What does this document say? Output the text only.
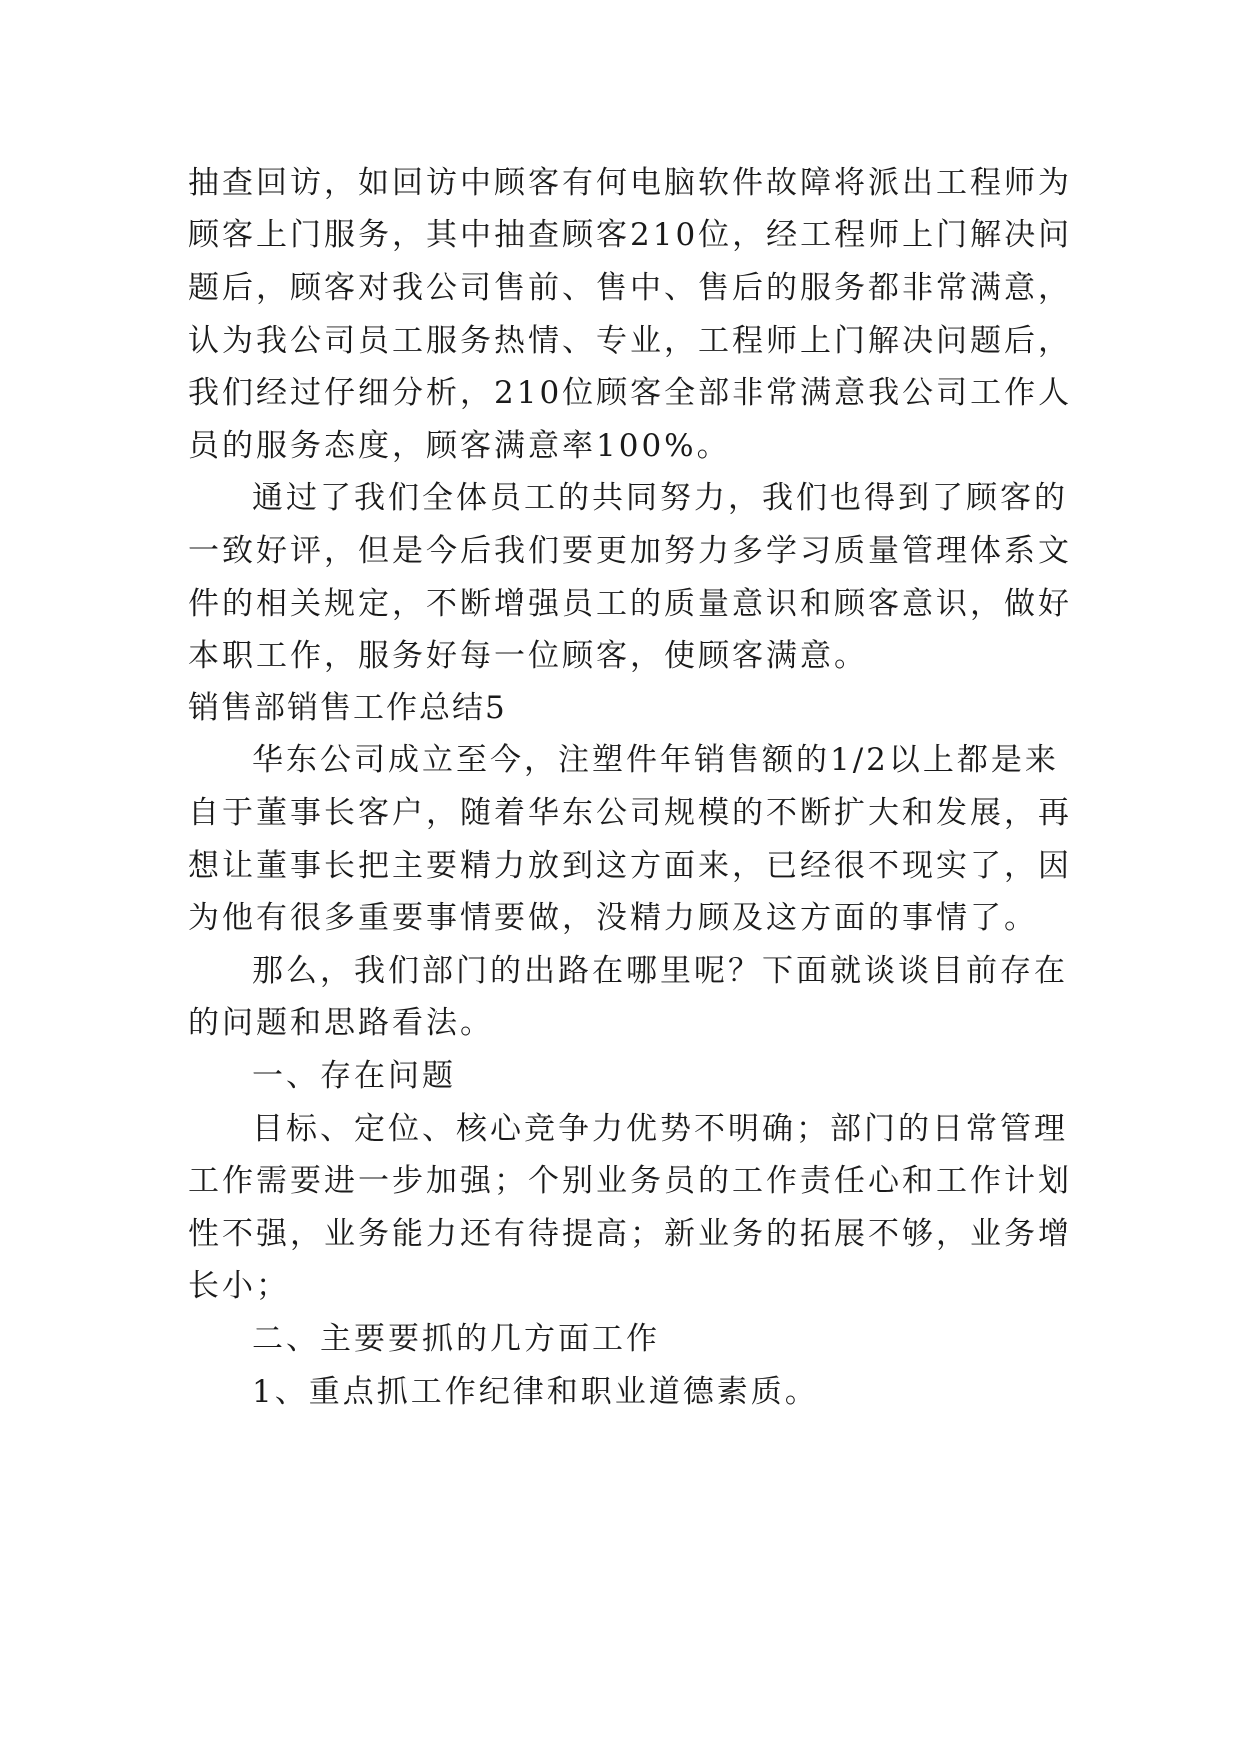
抽查回访，如回访中顾客有何电脑软件故障将派出工程师为

顾客上门服务，其中抽查顾客210位，经工程师上门解决问

题后，顾客对我公司售前、售中、售后的服务都非常满意，

认为我公司员工服务热情、专业，工程师上门解决问题后，

我们经过仔细分析，210位顾客全部非常满意我公司工作人

员的服务态度，顾客满意率100%。

通过了我们全体员工的共同努力，我们也得到了顾客的

一致好评，但是今后我们要更加努力多学习质量管理体系文

件的相关规定，不断增强员工的质量意识和顾客意识，做好

本职工作，服务好每一位顾客，使顾客满意。

销售部销售工作总结5

华东公司成立至今，注塑件年销售额的1/2以上都是来

自于董事长客户，随着华东公司规模的不断扩大和发展，再

想让董事长把主要精力放到这方面来，已经很不现实了，因

为他有很多重要事情要做，没精力顾及这方面的事情了。

那么，我们部门的出路在哪里呢？下面就谈谈目前存在

的问题和思路看法。

一、存在问题

目标、定位、核心竞争力优势不明确；部门的日常管理

工作需要进一步加强；个别业务员的工作责任心和工作计划

性不强，业务能力还有待提高；新业务的拓展不够，业务增

长小；

二、主要要抓的几方面工作

1、重点抓工作纪律和职业道德素质。
